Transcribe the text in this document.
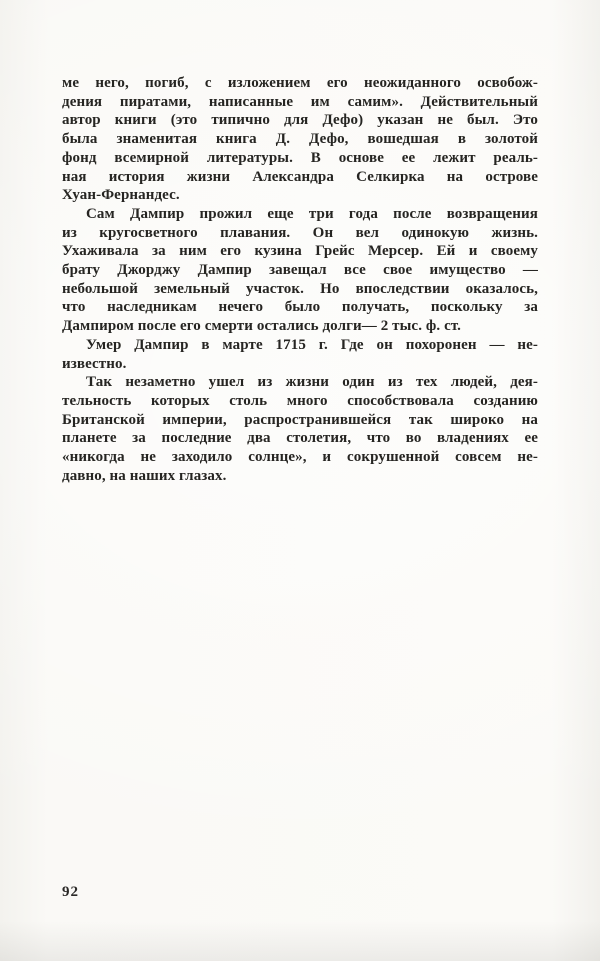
ме него, погиб, с изложением его неожиданного освобож-
дения пиратами, написанные им самим». Действительный
автор книги (это типично для Дефо) указан не был. Это
была знаменитая книга Д. Дефо, вошедшая в золотой
фонд всемирной литературы. В основе ее лежит реаль-
ная история жизни Александра Селкирка на острове
Хуан-Фернандес.
Сам Дампир прожил еще три года после возвращения
из кругосветного плавания. Он вел одинокую жизнь.
Ухаживала за ним его кузина Грейс Мерсер. Ей и своему
брату Джорджу Дампир завещал все свое имущество —
небольшой земельный участок. Но впоследствии оказалось,
что наследникам нечего было получать, поскольку за
Дампиром после его смерти остались долги— 2 тыс. ф. ст.
Умер Дампир в марте 1715 г. Где он похоронен — не-
известно.
Так незаметно ушел из жизни один из тех людей, дея-
тельность которых столь много способствовала созданию
Британской империи, распространившейся так широко на
планете за последние два столетия, что во владениях ее
«никогда не заходило солнце», и сокрушенной совсем не-
давно, на наших глазах.
92
